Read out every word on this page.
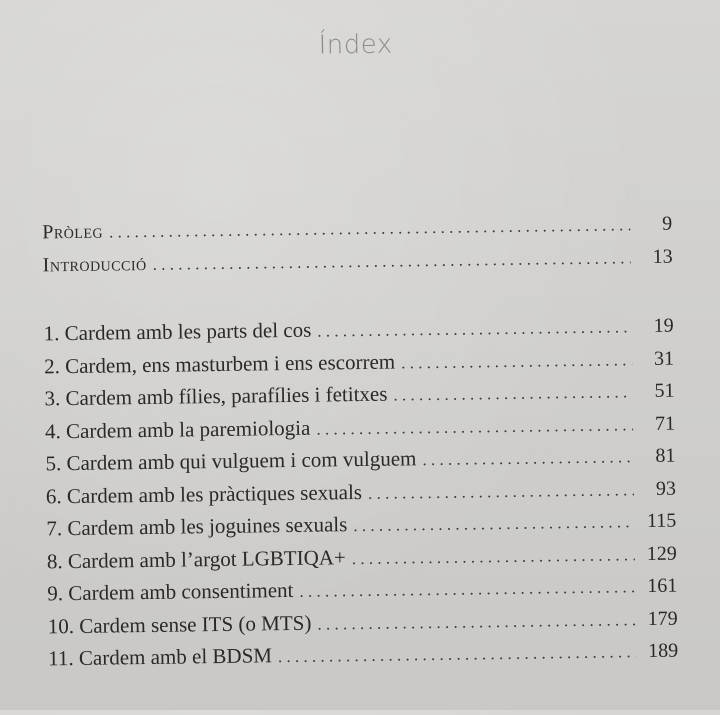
Índex
Pròleg . . .	9
Introducció . . .	13
1. Cardem amb les parts del cos . . .	19
2. Cardem, ens masturbem i ens escorrem . . .	31
3. Cardem amb fílies, parafílies i fetitxes . . .	51
4. Cardem amb la paremiologia . . .	71
5. Cardem amb qui vulguem i com vulguem . . .	81
6. Cardem amb les pràctiques sexuals . . .	93
7. Cardem amb les joguines sexuals . . .	115
8. Cardem amb l’argot LGBTIQA+ . . .	129
9. Cardem amb consentiment . . .	161
10. Cardem sense ITS (o MTS) . . .	179
11. Cardem amb el BDSM . . .	189
